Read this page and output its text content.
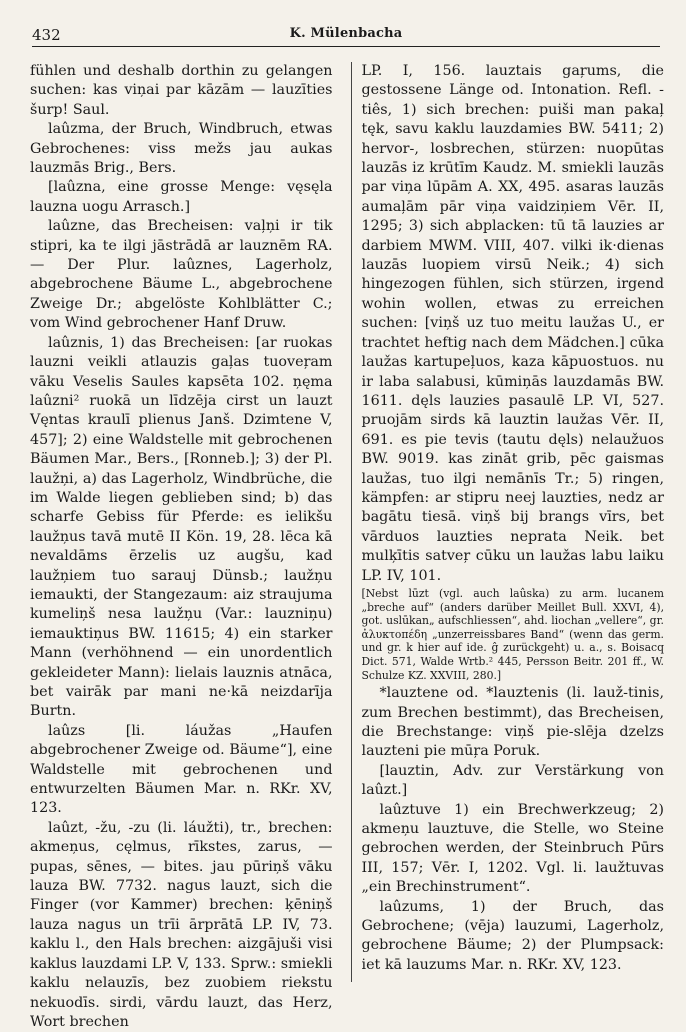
432	K. Mülenbacha

fühlen und deshalb dorthin zu gelangen suchen: kas viņai par kāzām — lauzīties šurp! Saul.

laûzma, der Bruch, Windbruch, etwas Gebrochenes: viss mežs jau aukas lauzmās Brig., Bers.

[laûzna, eine grosse Menge: vęsęla lauzna uogu Arrasch.]

laûzne, das Brecheisen: vaļņi ir tik stipri, ka te ilgi jāstrādā ar lauznēm RA. — Der Plur. laûznes, Lagerholz, abgebrochene Bäume L., abgebrochene Zweige Dr.; abgelöste Kohlblätter C.; vom Wind gebrochener Hanf Druw.

laûznis, 1) das Brecheisen: [ar ruokas lauzni veikli atlauzis gaļas tuoveŗam vāku Veselis Saules kapsēta 102. ņęma laûzni² ruokā un līdzēja cirst un lauzt Vęntas kraulī plienus Janš. Dzimtene V, 457]; 2) eine Waldstelle mit gebrochenen Bäumen Mar., Bers., [Ronneb.]; 3) der Pl. laužņi, a) das Lagerholz, Windbrüche, die im Walde liegen geblieben sind; b) das scharfe Gebiss für Pferde: es ielikšu laužņus tavā mutē II Kön. 19, 28. lēca kā nevaldāms ērzelis uz augšu, kad laužņiem tuo sarauj Dünsb.; laužņu iemaukti, der Stangezaum: aiz straujuma kumeliņš nesa laužņu (Var.: lauzniņu) iemauktiņus BW. 11615; 4) ein starker Mann (verhöhnend — ein unordentlich gekleideter Mann): lielais lauznis atnāca, bet vairāk par mani ne·kā neizdarīja Burtn.

laûzs [li. láužas „Haufen abgebrochener Zweige od. Bäume“], eine Waldstelle mit gebrochenen und entwurzelten Bäumen Mar. n. RKr. XV, 123.

laûzt, -žu, -zu (li. láužti), tr., brechen: akmeņus, cęlmus, rīkstes, zarus, — pupas, sēnes, — bites. jau pūriņš vāku lauza BW. 7732. nagus lauzt, sich die Finger (vor Kammer) brechen: ķēniņš lauza nagus un trīi ārprātā LP. IV, 73. kaklu l., den Hals brechen: aizgājuši visi kaklus lauzdami LP. V, 133. Sprw.: smiekli kaklu nelauzīs, bez zuobiem riekstu nekuodīs. sirdi, vārdu lauzt, das Herz, Wort brechen

LP. I, 156. lauztais gaŗums, die gestossene Länge od. Intonation. Refl. -tiês, 1) sich brechen: puiši man pakaļ tęk, savu kaklu lauzdamies BW. 5411; 2) hervor-, losbrechen, stürzen: nuopūtas lauzās iz krūtīm Kaudz. M. smiekli lauzās par viņa lūpām A. XX, 495. asaras lauzās aumaļām pār viņa vaidziņiem Vēr. II, 1295; 3) sich abplacken: tū tā lauzies ar darbiem MWM. VIII, 407. vilki ik·dienas lauzās luopiem virsū Neik.; 4) sich hingezogen fühlen, sich stürzen, irgend wohin wollen, etwas zu erreichen suchen: [viņš uz tuo meitu laužas U., er trachtet heftig nach dem Mädchen.] cūka laužas kartupeļuos, kaza kāpuostuos. nu ir laba salabusi, kūmiņās lauzdamās BW. 1611. dęls lauzies pasaulē LP. VI, 527. pruojām sirds kā lauztin laužas Vēr. II, 691. es pie tevis (tautu dęls) nelaužuos BW. 9019. kas zināt grib, pēc gaismas laužas, tuo ilgi nemānīs Tr.; 5) ringen, kämpfen: ar stipru neej lauzties, nedz ar bagātu tiesā. viņš bij brangs vīrs, bet vārduos lauzties neprata Neik. bet mulķītis satveŗ cūku un laužas labu laiku LP. IV, 101.

[Nebst lūzt (vgl. auch laûska) zu arm. lucanem „breche auf“ (anders darüber Meillet Bull. XXVI, 4), got. uslūkan„ aufschliessen“, ahd. liochan „vellere“, gr. ἀλυκτοπέδη „unzerreissbares Band“ (wenn das germ. und gr. k hier auf ide. ĝ zurückgeht) u. a., s. Boisacq Dict. 571, Walde Wrtb.² 445, Persson Beitr. 201 ff., W. Schulze KZ. XXVIII, 280.]

*lauztene od. *lauztenis (li. lauž-tinis, zum Brechen bestimmt), das Brecheisen, die Brechstange: viņš pie-slēja dzelzs lauzteni pie mūŗa Poruk.

[lauztin, Adv. zur Verstärkung von laûzt.]

laûztuve 1) ein Brechwerkzeug; 2) akmeņu lauztuve, die Stelle, wo Steine gebrochen werden, der Steinbruch Pūrs III, 157; Vēr. I, 1202. Vgl. li. laužtuvas „ein Brechinstrument“.

laûzums, 1) der Bruch, das Gebrochene; (vēja) lauzumi, Lagerholz, gebrochene Bäume; 2) der Plumpsack: iet kā lauzums Mar. n. RKr. XV, 123.
